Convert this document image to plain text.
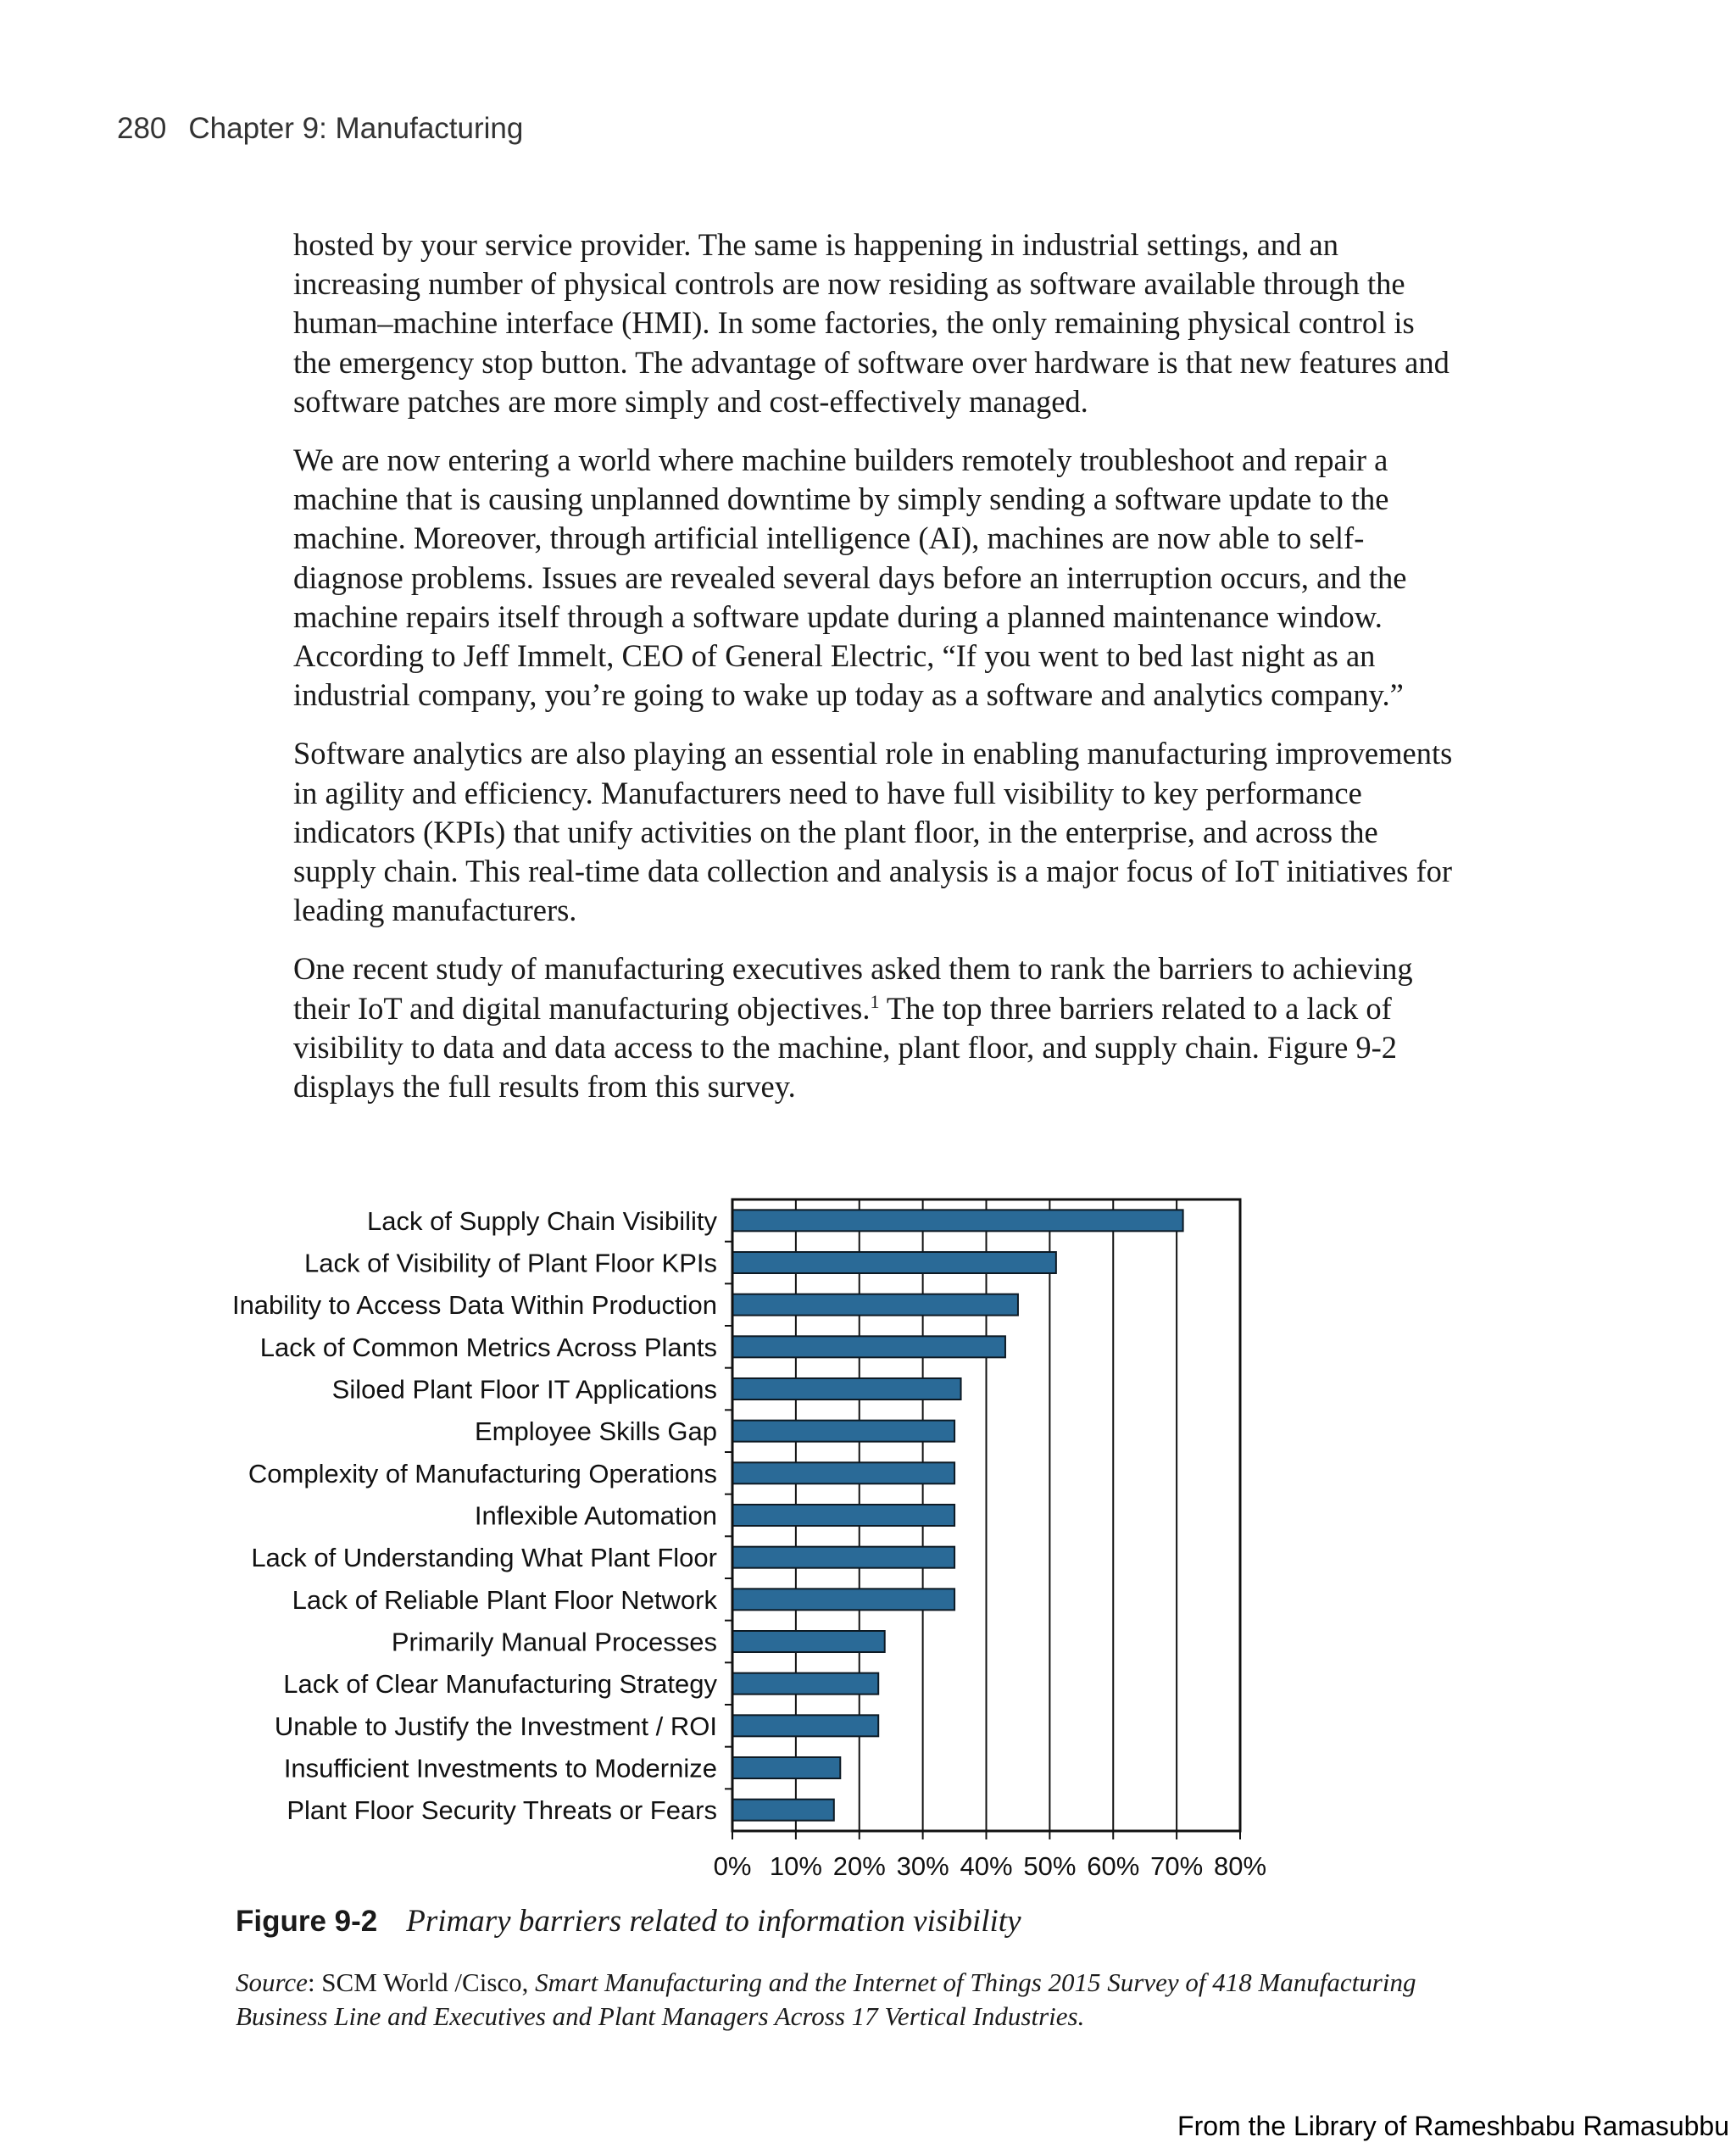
280 Chapter 9: Manufacturing

hosted by your service provider. The same is happening in industrial settings, and an increasing number of physical controls are now residing as software available through the human–machine interface (HMI). In some factories, the only remaining physical control is the emergency stop button. The advantage of software over hardware is that new features and software patches are more simply and cost-effectively managed.

We are now entering a world where machine builders remotely troubleshoot and repair a machine that is causing unplanned downtime by simply sending a software update to the machine. Moreover, through artificial intelligence (AI), machines are now able to self-diagnose problems. Issues are revealed several days before an interruption occurs, and the machine repairs itself through a software update during a planned maintenance window. According to Jeff Immelt, CEO of General Electric, “If you went to bed last night as an industrial company, you’re going to wake up today as a software and analytics company.”

Software analytics are also playing an essential role in enabling manufacturing improvements in agility and efficiency. Manufacturers need to have full visibility to key performance indicators (KPIs) that unify activities on the plant floor, in the enterprise, and across the supply chain. This real-time data collection and analysis is a major focus of IoT initiatives for leading manufacturers.

One recent study of manufacturing executives asked them to rank the barriers to achieving their IoT and digital manufacturing objectives.$^1$ The top three barriers related to a lack of visibility to data and data access to the machine, plant floor, and supply chain. Figure 9-2 displays the full results from this survey.

Lack of Supply Chain Visibility
Lack of Visibility of Plant Floor KPIs
Inability to Access Data Within Production
Lack of Common Metrics Across Plants
Siloed Plant Floor IT Applications
Employee Skills Gap
Complexity of Manufacturing Operations
Inflexible Automation
Lack of Understanding What Plant Floor
Lack of Reliable Plant Floor Network
Primarily Manual Processes
Lack of Clear Manufacturing Strategy
Unable to Justify the Investment / ROI
Insufficient Investments to Modernize
Plant Floor Security Threats or Fears
0% 10% 20% 30% 40% 50% 60% 70% 80%
Figure 9-2 Primary barriers related to information visibility
Source: SCM World /Cisco, Smart Manufacturing and the Internet of Things 2015 Survey of 418 Manufacturing Business Line and Executives and Plant Managers Across 17 Vertical Industries.
From the Library of Rameshbabu Ramasubbu
